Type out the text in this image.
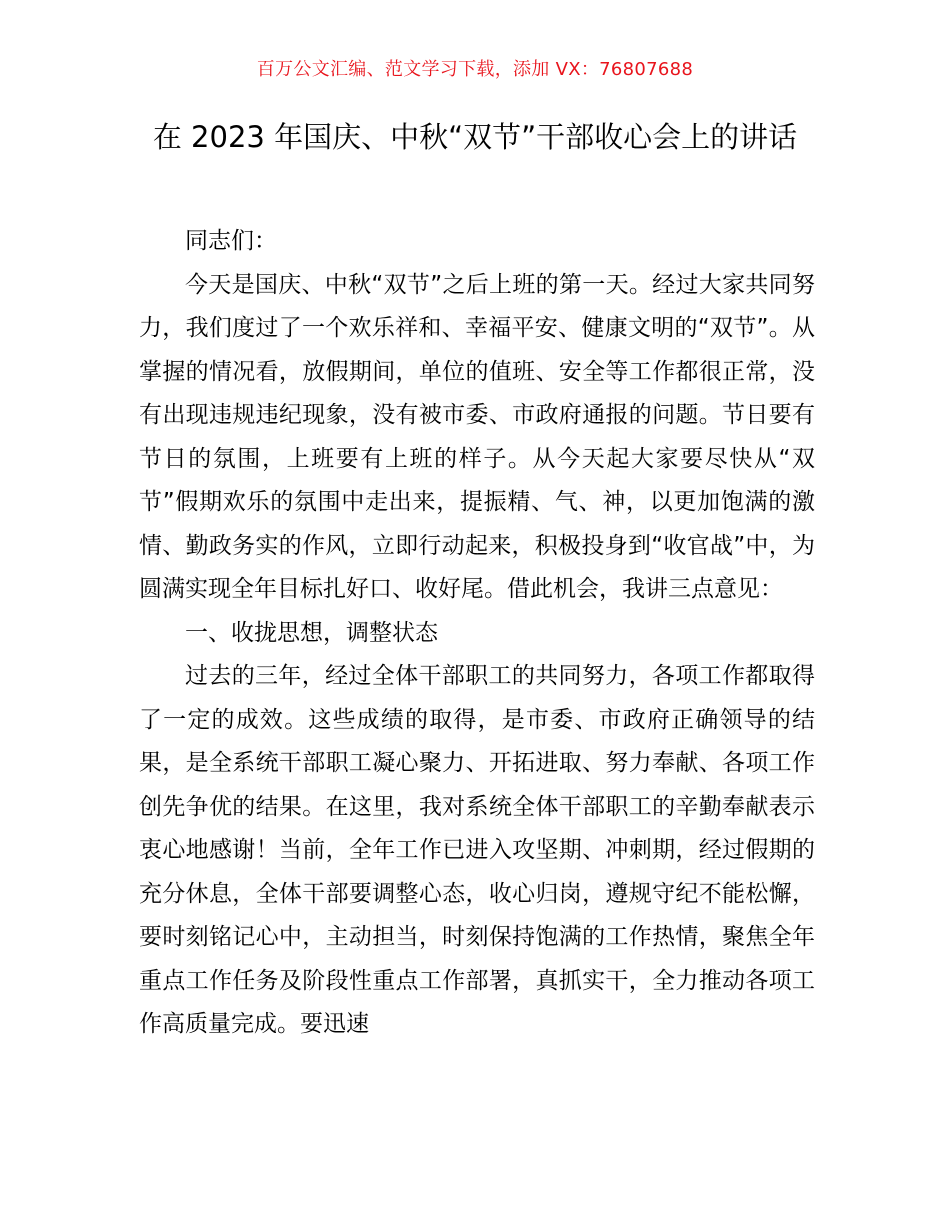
百万公文汇编、范文学习下载，添加 VX：76807688
在 2023 年国庆、中秋“双节”干部收心会上的讲话

同志们：

今天是国庆、中秋“双节”之后上班的第一天。经过大家共同努力，我们度过了一个欢乐祥和、幸福平安、健康文明的“双节”。从掌握的情况看，放假期间，单位的值班、安全等工作都很正常，没有出现违规违纪现象，没有被市委、市政府通报的问题。节日要有节日的氛围，上班要有上班的样子。从今天起大家要尽快从“双节”假期欢乐的氛围中走出来，提振精、气、神，以更加饱满的激情、勤政务实的作风，立即行动起来，积极投身到“收官战”中，为圆满实现全年目标扎好口、收好尾。借此机会，我讲三点意见：

一、收拢思想，调整状态

过去的三年，经过全体干部职工的共同努力，各项工作都取得了一定的成效。这些成绩的取得，是市委、市政府正确领导的结果，是全系统干部职工凝心聚力、开拓进取、努力奉献、各项工作创先争优的结果。在这里，我对系统全体干部职工的辛勤奉献表示衷心地感谢！当前，全年工作已进入攻坚期、冲刺期，经过假期的充分休息，全体干部要调整心态，收心归岗，遵规守纪不能松懈，要时刻铭记心中，主动担当，时刻保持饱满的工作热情，聚焦全年重点工作任务及阶段性重点工作部署，真抓实干，全力推动各项工作高质量完成。要迅速
